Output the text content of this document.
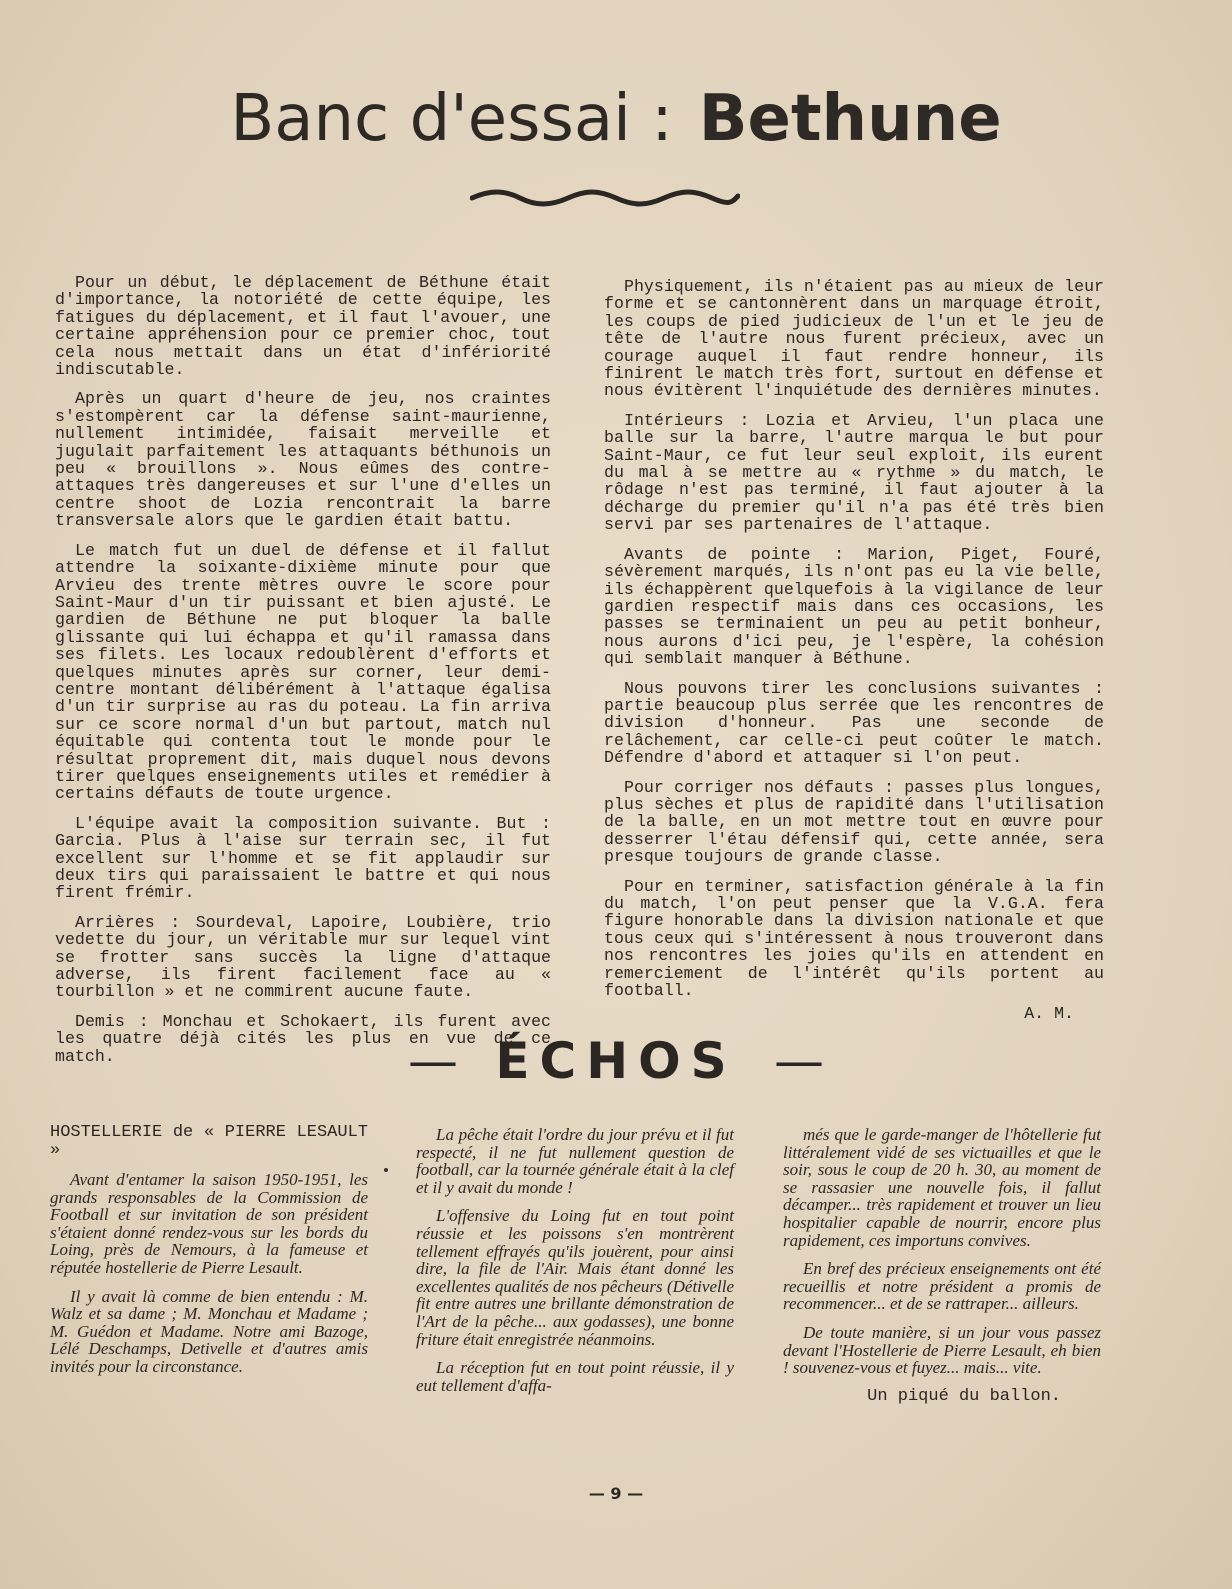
Banc d'essai : Bethune

Pour un début, le déplacement de Béthune était d'importance, la notoriété de cette équipe, les fatigues du déplacement, et il faut l'avouer, une certaine appréhension pour ce premier choc, tout cela nous mettait dans un état d'infériorité indiscutable.

Après un quart d'heure de jeu, nos craintes s'estompèrent car la défense saint-maurienne, nullement intimidée, faisait merveille et jugulait parfaitement les attaquants béthunois un peu « brouillons ». Nous eûmes des contre-attaques très dangereuses et sur l'une d'elles un centre shoot de Lozia rencontrait la barre transversale alors que le gardien était battu.

Le match fut un duel de défense et il fallut attendre la soixante-dixième minute pour que Arvieu des trente mètres ouvre le score pour Saint-Maur d'un tir puissant et bien ajusté. Le gardien de Béthune ne put bloquer la balle glissante qui lui échappa et qu'il ramassa dans ses filets. Les locaux redoublèrent d'efforts et quelques minutes après sur corner, leur demi-centre montant délibérément à l'attaque égalisa d'un tir surprise au ras du poteau. La fin arriva sur ce score normal d'un but partout, match nul équitable qui contenta tout le monde pour le résultat proprement dit, mais duquel nous devons tirer quelques enseignements utiles et remédier à certains défauts de toute urgence.

L'équipe avait la composition suivante. But : Garcia. Plus à l'aise sur terrain sec, il fut excellent sur l'homme et se fit applaudir sur deux tirs qui paraissaient le battre et qui nous firent frémir.

Arrières : Sourdeval, Lapoire, Loubière, trio vedette du jour, un véritable mur sur lequel vint se frotter sans succès la ligne d'attaque adverse, ils firent facilement face au « tourbillon » et ne commirent aucune faute.

Demis : Monchau et Schokaert, ils furent avec les quatre déjà cités les plus en vue de ce match.

Physiquement, ils n'étaient pas au mieux de leur forme et se cantonnèrent dans un marquage étroit, les coups de pied judicieux de l'un et le jeu de tête de l'autre nous furent précieux, avec un courage auquel il faut rendre honneur, ils finirent le match très fort, surtout en défense et nous évitèrent l'inquiétude des dernières minutes.

Intérieurs : Lozia et Arvieu, l'un placa une balle sur la barre, l'autre marqua le but pour Saint-Maur, ce fut leur seul exploit, ils eurent du mal à se mettre au « rythme » du match, le rôdage n'est pas terminé, il faut ajouter à la décharge du premier qu'il n'a pas été très bien servi par ses partenaires de l'attaque.

Avants de pointe : Marion, Piget, Fouré, sévèrement marqués, ils n'ont pas eu la vie belle, ils échappèrent quelquefois à la vigilance de leur gardien respectif mais dans ces occasions, les passes se terminaient un peu au petit bonheur, nous aurons d'ici peu, je l'espère, la cohésion qui semblait manquer à Béthune.

Nous pouvons tirer les conclusions suivantes : partie beaucoup plus serrée que les rencontres de division d'honneur. Pas une seconde de relâchement, car celle-ci peut coûter le match. Défendre d'abord et attaquer si l'on peut.

Pour corriger nos défauts : passes plus longues, plus sèches et plus de rapidité dans l'utilisation de la balle, en un mot mettre tout en œuvre pour desserrer l'étau défensif qui, cette année, sera presque toujours de grande classe.

Pour en terminer, satisfaction générale à la fin du match, l'on peut penser que la V.G.A. fera figure honorable dans la division nationale et que tous ceux qui s'intéressent à nous trouveront dans nos rencontres les joies qu'ils en attendent en remerciement de l'intérêt qu'ils portent au football.

A. M.
— ÉCHOS —

HOSTELLERIE de « PIERRE LESAULT »

Avant d'entamer la saison 1950-1951, les grands responsables de la Commission de Football et sur invitation de son président s'étaient donné rendez-vous sur les bords du Loing, près de Nemours, à la fameuse et réputée hostellerie de Pierre Lesault.

Il y avait là comme de bien entendu : M. Walz et sa dame ; M. Monchau et Madame ; M. Guédon et Madame. Notre ami Bazoge, Lélé Deschamps, Detivelle et d'autres amis invités pour la circonstance.

La pêche était l'ordre du jour prévu et il fut respecté, il ne fut nullement question de football, car la tournée générale était à la clef et il y avait du monde !

L'offensive du Loing fut en tout point réussie et les poissons s'en montrèrent tellement effrayés qu'ils jouèrent, pour ainsi dire, la file de l'Air. Mais étant donné les excellentes qualités de nos pêcheurs (Détivelle fit entre autres une brillante démonstration de l'Art de la pêche... aux godasses), une bonne friture était enregistrée néanmoins.

La réception fut en tout point réussie, il y eut tellement d'affa-

més que le garde-manger de l'hôtellerie fut littéralement vidé de ses victuailles et que le soir, sous le coup de 20 h. 30, au moment de se rassasier une nouvelle fois, il fallut décamper... très rapidement et trouver un lieu hospitalier capable de nourrir, encore plus rapidement, ces importuns convives.

En bref des précieux enseignements ont été recueillis et notre président a promis de recommencer... et de se rattraper... ailleurs.

De toute manière, si un jour vous passez devant l'Hostellerie de Pierre Lesault, eh bien ! souvenez-vous et fuyez... mais... vite.

Un piqué du ballon.
— 9 —
